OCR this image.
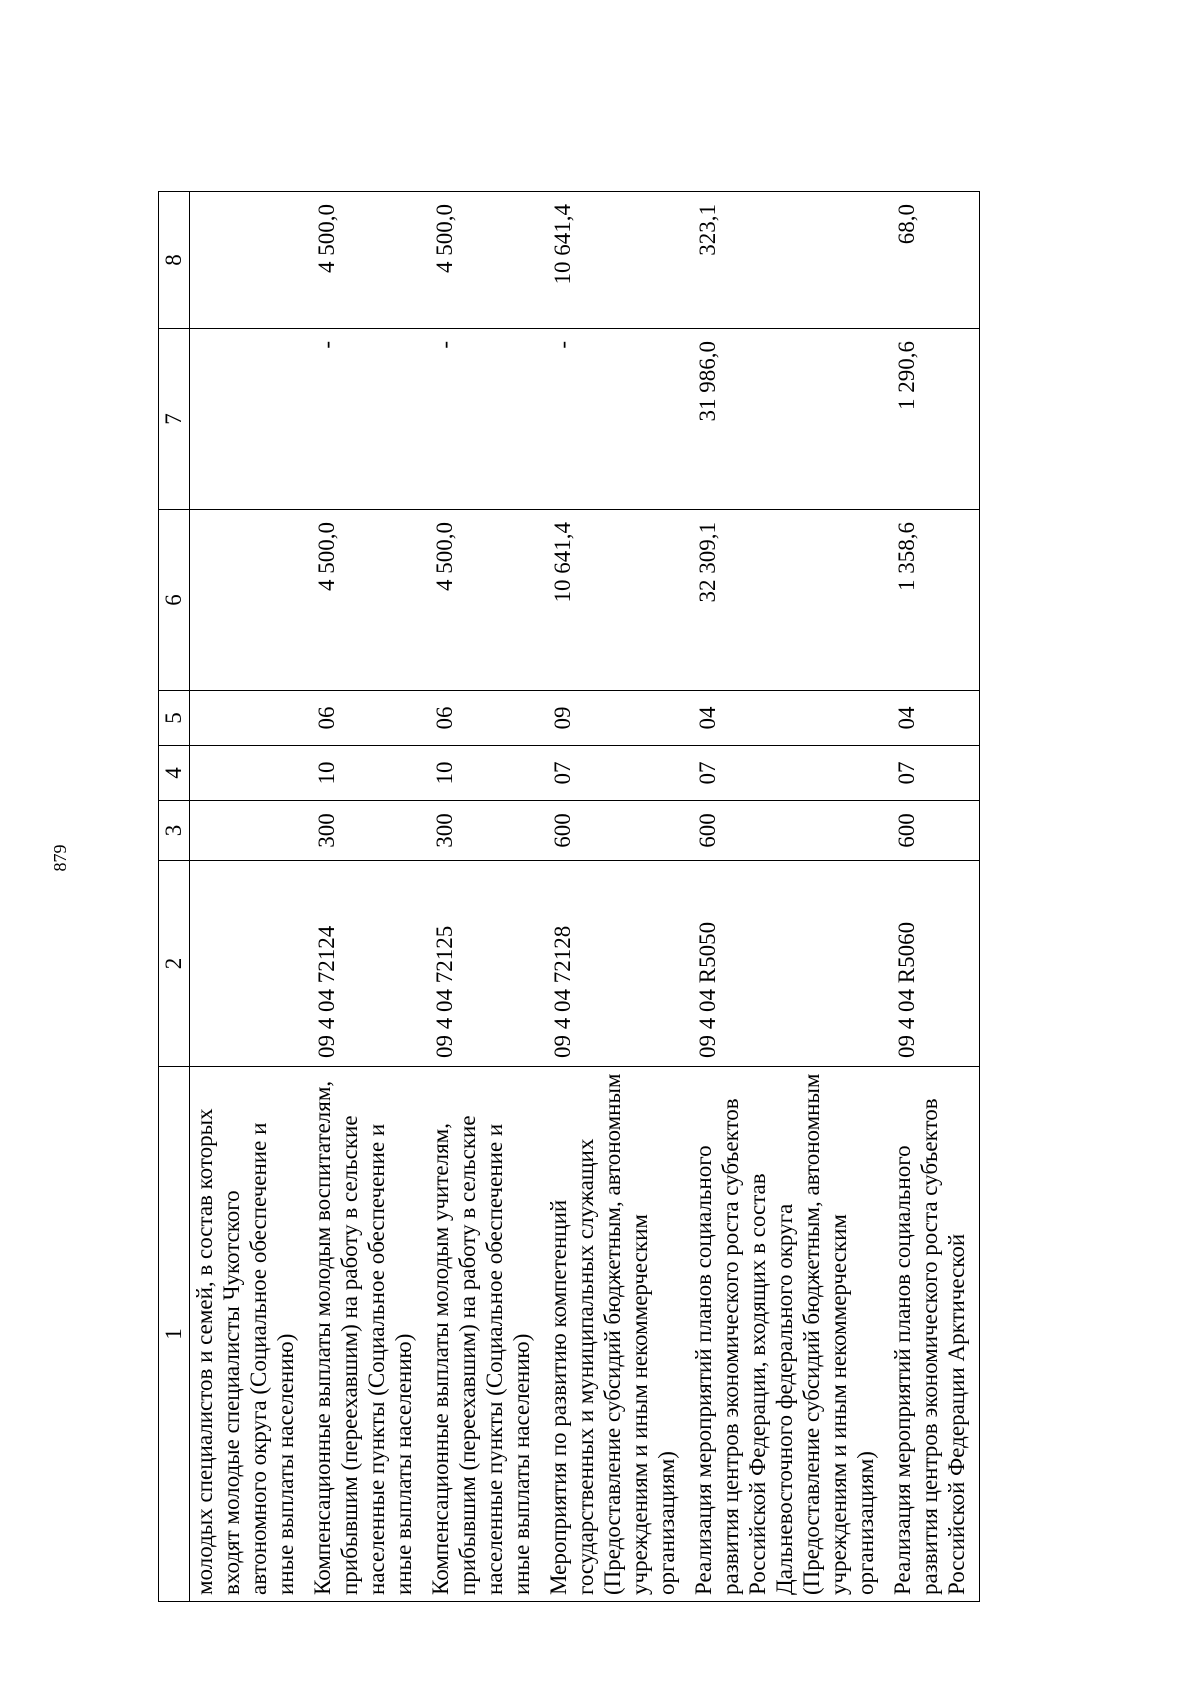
879
1	2	3	4	5	6	7	8
молодых специалистов и семей, в состав которых входят молодые специалисты Чукотского автономного округа (Социальное обеспечение и иные выплаты населению)							
Компенсационные выплаты молодым воспитателям, прибывшим (переехавшим) на работу в сельские населенные пункты (Социальное обеспечение и иные выплаты населению)	09 4 04 72124	300	10	06	4 500,0	-	4 500,0
Компенсационные выплаты молодым учителям, прибывшим (переехавшим) на работу в сельские населенные пункты (Социальное обеспечение и иные выплаты населению)	09 4 04 72125	300	10	06	4 500,0	-	4 500,0
Мероприятия по развитию компетенций государственных и муниципальных служащих (Предоставление субсидий бюджетным, автономным учреждениям и иным некоммерческим организациям)	09 4 04 72128	600	07	09	10 641,4	-	10 641,4
Реализация мероприятий планов социального развития центров экономического роста субъектов Российской Федерации, входящих в состав Дальневосточного федерального округа (Предоставление субсидий бюджетным, автономным учреждениям и иным некоммерческим организациям)	09 4 04 R5050	600	07	04	32 309,1	31 986,0	323,1
Реализация мероприятий планов социального развития центров экономического роста субъектов Российской Федерации Арктической	09 4 04 R5060	600	07	04	1 358,6	1 290,6	68,0
